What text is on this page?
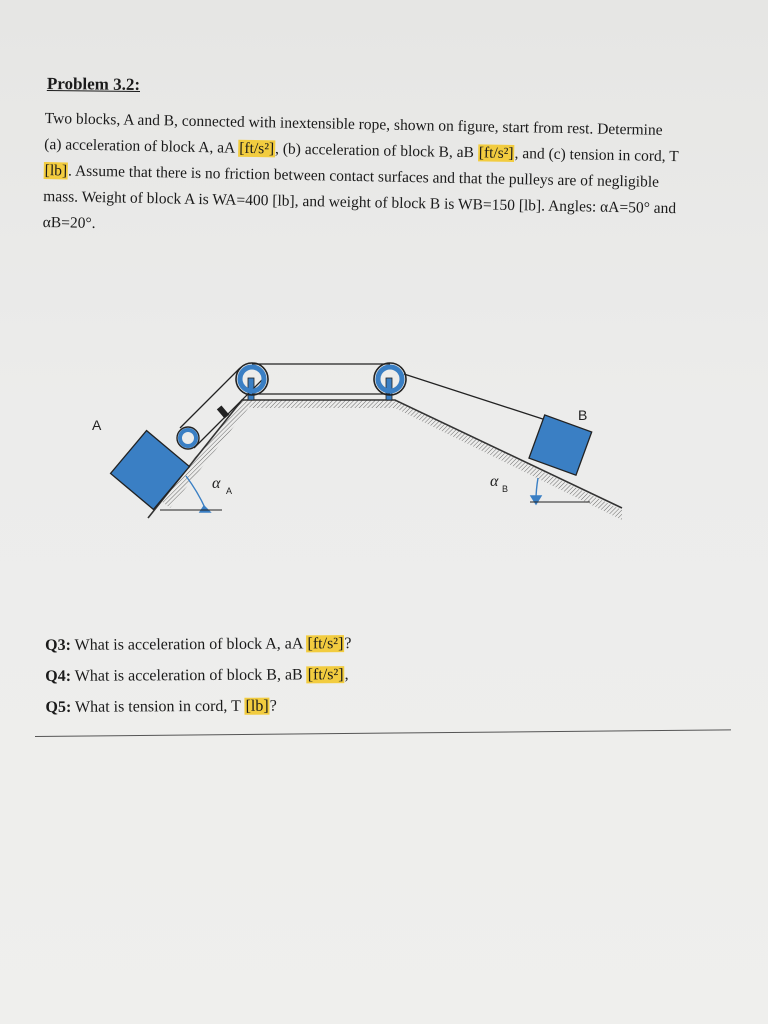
Problem 3.2:
Two blocks, A and B, connected with inextensible rope, shown on figure, start from rest. Determine
(a) acceleration of block A, aA [ft/s²], (b) acceleration of block B, aB [ft/s²], and (c) tension in cord, T
[lb]. Assume that there is no friction between contact surfaces and that the pulleys are of negligible
mass. Weight of block A is WA=400 [lb], and weight of block B is WB=150 [lb]. Angles: αA=50° and
αB=20°.
A
B
α A
α B
Q3: What is acceleration of block A, aA [ft/s²]?
Q4: What is acceleration of block B, aB [ft/s²],
Q5: What is tension in cord, T [lb]?
